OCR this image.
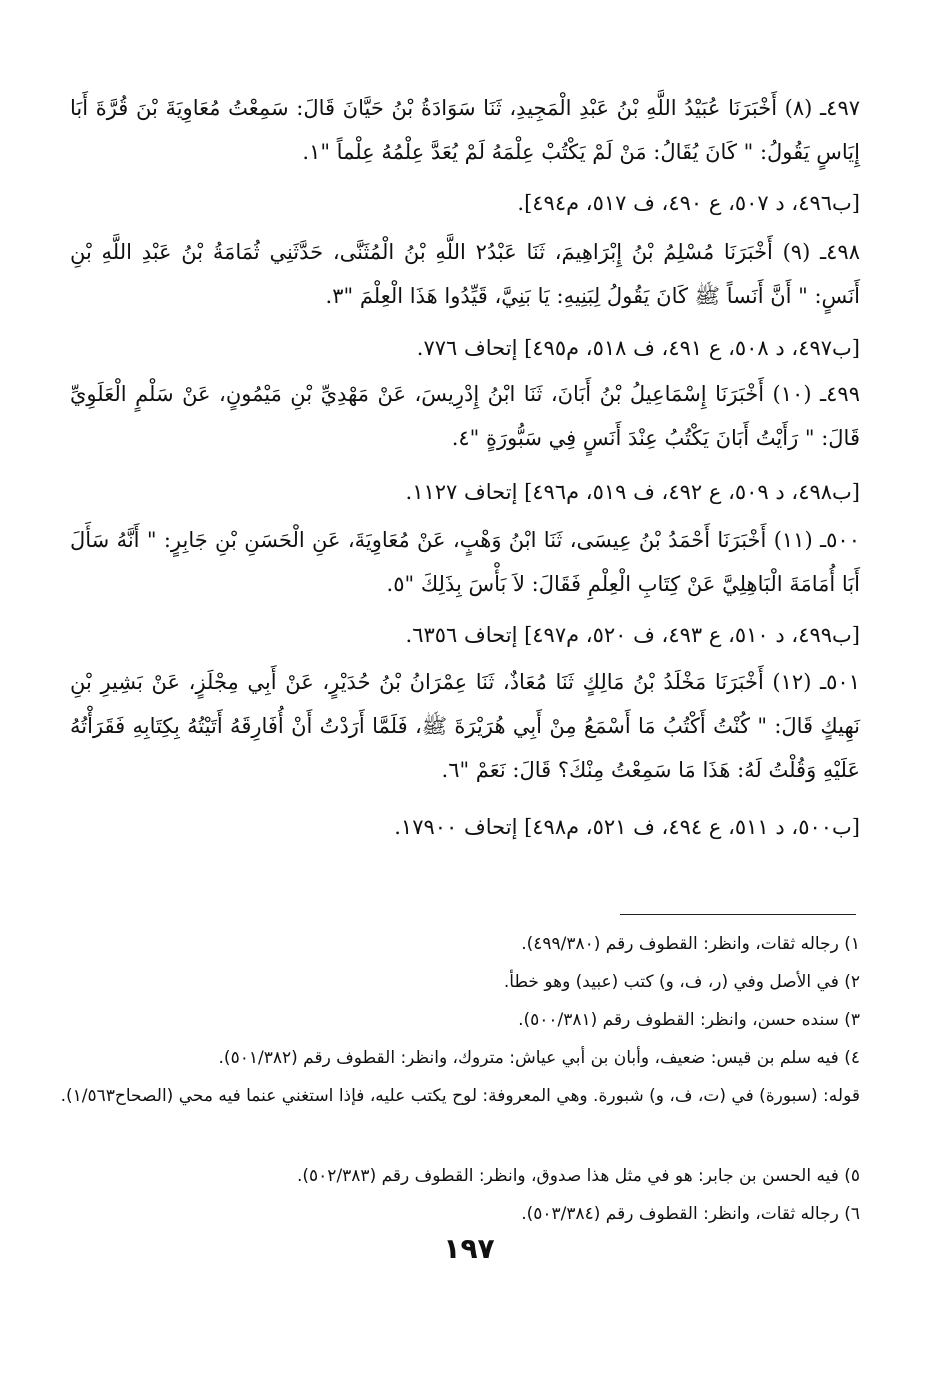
٤٩٧ـ (٨) أَخْبَرَنَا عُبَيْدُ اللَّهِ بْنُ عَبْدِ الْمَجِيدِ، ثَنَا سَوَادَةُ بْنُ حَيَّانَ قَالَ: سَمِعْتُ مُعَاوِيَةَ بْنَ قُرَّةَ أَبَا إِيَاسٍ يَقُولُ: " كَانَ يُقَالُ: مَنْ لَمْ يَكْتُبْ عِلْمَهُ لَمْ يُعَدَّ عِلْمُهُ عِلْماً "١.

[ب٤٩٦، د ٥٠٧، ع ٤٩٠، ف ٥١٧، م٤٩٤].

٤٩٨ـ (٩) أَخْبَرَنَا مُسْلِمُ بْنُ إِبْرَاهِيمَ، ثَنَا عَبْدُ٢ اللَّهِ بْنُ الْمُثَنَّى، حَدَّثَنِي ثُمَامَةُ بْنُ عَبْدِ اللَّهِ بْنِ أَنَسٍ: " أَنَّ أَنَساً ﷺ كَانَ يَقُولُ لِبَنِيهِ: يَا بَنِيَّ، قَيِّدُوا هَذَا الْعِلْمَ "٣.

[ب٤٩٧، د ٥٠٨، ع ٤٩١، ف ٥١٨، م٤٩٥] إتحاف ٧٧٦.

٤٩٩ـ (١٠) أَخْبَرَنَا إِسْمَاعِيلُ بْنُ أَبَانَ، ثَنَا ابْنُ إِدْرِيسَ، عَنْ مَهْدِيِّ بْنِ مَيْمُونٍ، عَنْ سَلْمٍ الْعَلَوِيِّ قَالَ: " رَأَيْتُ أَبَانَ يَكْتُبُ عِنْدَ أَنَسٍ فِي سَبُّورَةٍ "٤.

[ب٤٩٨، د ٥٠٩، ع ٤٩٢، ف ٥١٩، م٤٩٦] إتحاف ١١٢٧.

٥٠٠ـ (١١) أَخْبَرَنَا أَحْمَدُ بْنُ عِيسَى، ثَنَا ابْنُ وَهْبٍ، عَنْ مُعَاوِيَةَ، عَنِ الْحَسَنِ بْنِ جَابِرٍ: " أَنَّهُ سَأَلَ أَبَا أُمَامَةَ الْبَاهِلِيَّ عَنْ كِتَابِ الْعِلْمِ فَقَالَ: لاَ بَأْسَ بِذَلِكَ "٥.

[ب٤٩٩، د ٥١٠، ع ٤٩٣، ف ٥٢٠، م٤٩٧] إتحاف ٦٣٥٦.

٥٠١ـ (١٢) أَخْبَرَنَا مَخْلَدُ بْنُ مَالِكٍ ثَنَا مُعَاذٌ، ثَنَا عِمْرَانُ بْنُ حُدَيْرٍ، عَنْ أَبِي مِجْلَزٍ، عَنْ بَشِيرِ بْنِ نَهِيكٍ قَالَ: " كُنْتُ أَكْتُبُ مَا أَسْمَعُ مِنْ أَبِي هُرَيْرَةَ ﷺ، فَلَمَّا أَرَدْتُ أَنْ أُفَارِقَهُ أَتَيْتُهُ بِكِتَابِهِ فَقَرَأْتُهُ عَلَيْهِ وَقُلْتُ لَهُ: هَذَا مَا سَمِعْتُ مِنْكَ؟ قَالَ: نَعَمْ "٦.

[ب٥٠٠، د ٥١١، ع ٤٩٤، ف ٥٢١، م٤٩٨] إتحاف ١٧٩٠٠.
١) رجاله ثقات، وانظر: القطوف رقم (٤٩٩/٣٨٠).
٢) في الأصل وفي (ر، ف، و) كتب (عبيد) وهو خطأ.
٣) سنده حسن، وانظر: القطوف رقم (٥٠٠/٣٨١).
٤) فيه سلم بن قيس: ضعيف، وأبان بن أبي عياش: متروك، وانظر: القطوف رقم (٥٠١/٣٨٢).
قوله: (سبورة) في (ت، ف، و) شبورة. وهي المعروفة: لوح يكتب عليه، فإذا استغني عنما فيه محي (الصحاح١/٥٦٣).
٥) فيه الحسن بن جابر: هو في مثل هذا صدوق، وانظر: القطوف رقم (٥٠٢/٣٨٣).
٦) رجاله ثقات، وانظر: القطوف رقم (٥٠٣/٣٨٤).
١٩٧
